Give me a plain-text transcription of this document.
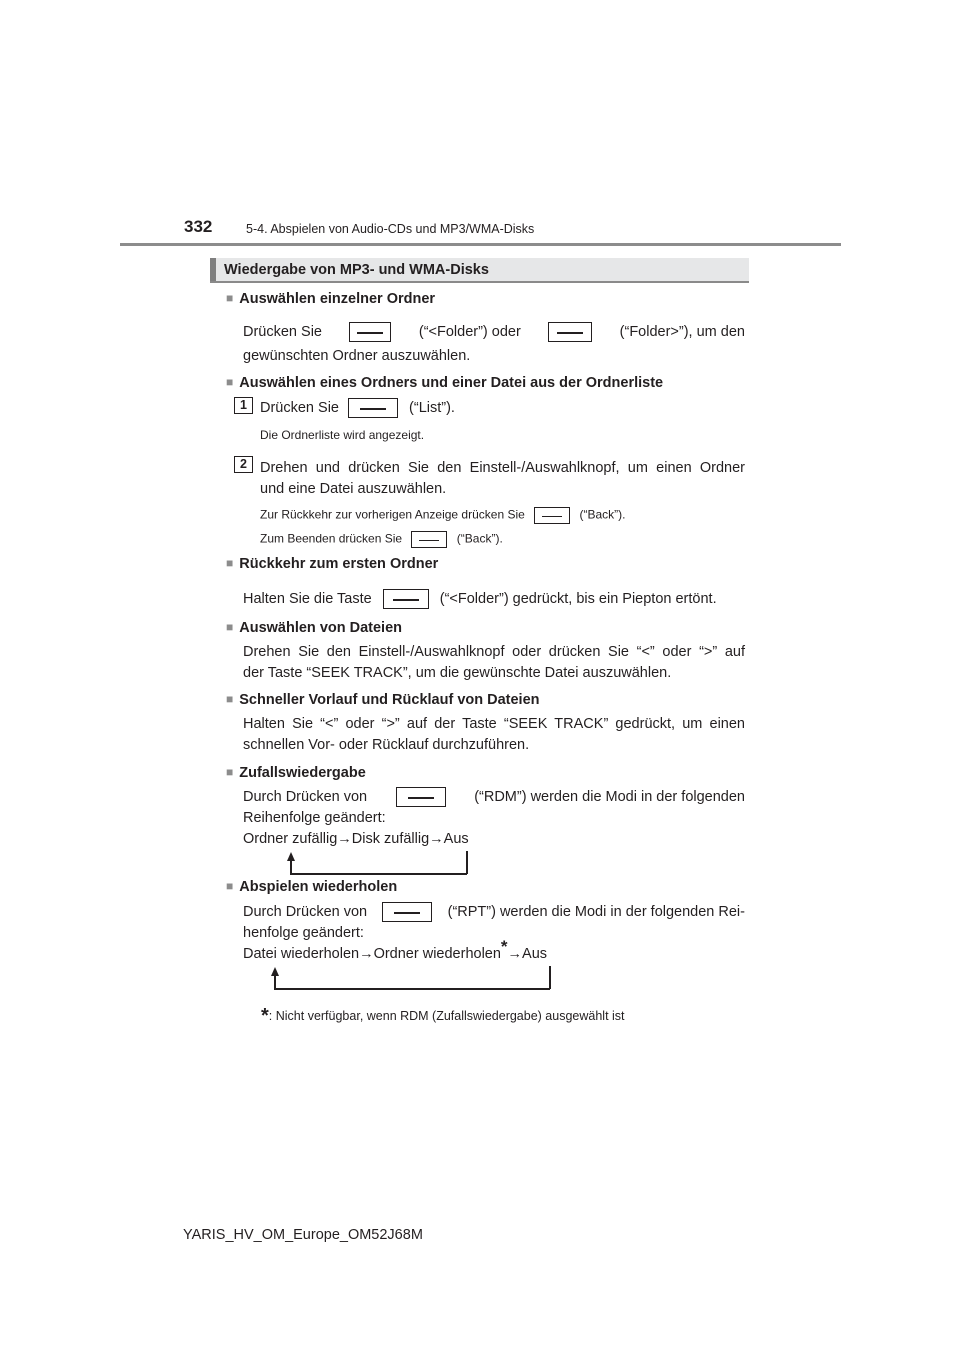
332	5-4. Abspielen von Audio-CDs und MP3/WMA-Disks
Wiedergabe von MP3- und WMA-Disks
■ Auswählen einzelner Ordner
Drücken Sie	(“<Folder”) oder	(“Folder>”), um den
gewünschten Ordner auszuwählen.
■ Auswählen eines Ordners und einer Datei aus der Ordnerliste
1 Drücken Sie	(“List”).
Die Ordnerliste wird angezeigt.
2 Drehen und drücken Sie den Einstell-/Auswahlknopf, um einen Ordner
und eine Datei auszuwählen.
Zur Rückkehr zur vorherigen Anzeige drücken Sie	(“Back”).
Zum Beenden drücken Sie	(“Back”).
■ Rückkehr zum ersten Ordner
Halten Sie die Taste	(“<Folder”) gedrückt, bis ein Piepton ertönt.
■ Auswählen von Dateien
Drehen Sie den Einstell-/Auswahlknopf oder drücken Sie “<” oder “>” auf
der Taste “SEEK TRACK”, um die gewünschte Datei auszuwählen.
■ Schneller Vorlauf und Rücklauf von Dateien
Halten Sie “<” oder “>” auf der Taste “SEEK TRACK” gedrückt, um einen
schnellen Vor- oder Rücklauf durchzuführen.
■ Zufallswiedergabe
Durch Drücken von	(“RDM”) werden die Modi in der folgenden
Reihenfolge geändert:
Ordner zufällig→Disk zufällig→Aus
■ Abspielen wiederholen
Durch Drücken von	(“RPT”) werden die Modi in der folgenden Rei-
henfolge geändert:
Datei wiederholen→Ordner wiederholen*→Aus
*: Nicht verfügbar, wenn RDM (Zufallswiedergabe) ausgewählt ist
YARIS_HV_OM_Europe_OM52J68M
